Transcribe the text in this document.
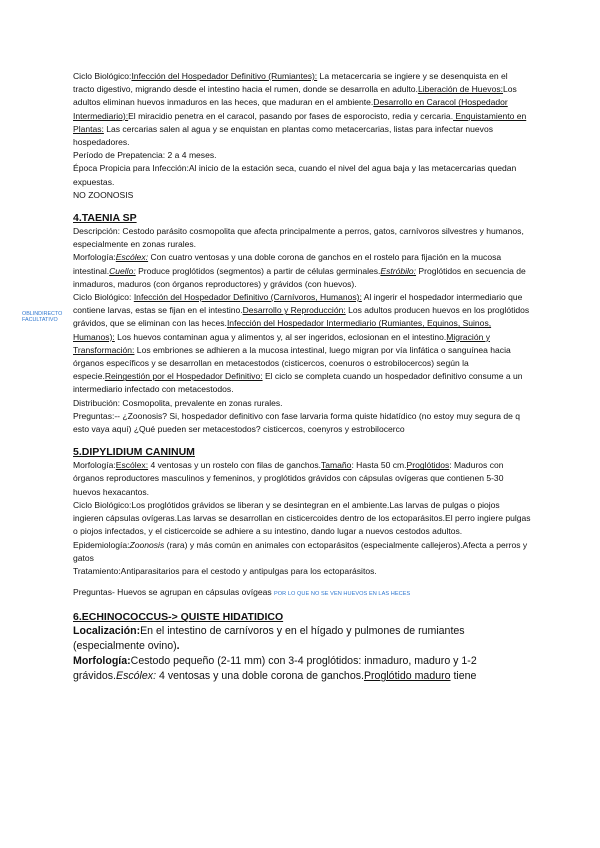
OBLINDIRECTO
FACULTATIVO

Ciclo Biológico:Infección del Hospedador Definitivo (Rumiantes): La metacercaria se ingiere y se desenquista en el tracto digestivo, migrando desde el intestino hacia el rumen, donde se desarrolla en adulto.Liberación de Huevos:Los adultos eliminan huevos inmaduros en las heces, que maduran en el ambiente.Desarrollo en Caracol (Hospedador Intermediario):El miracidio penetra en el caracol, pasando por fases de esporocisto, redia y cercaria. Enquistamiento en Plantas: Las cercarias salen al agua y se enquistan en plantas como metacercarias, listas para infectar nuevos hospedadores.

Período de Prepatencia: 2 a 4 meses.

Época Propicia para Infección:Al inicio de la estación seca, cuando el nivel del agua baja y las metacercarias quedan expuestas.

NO ZOONOSIS

4.TAENIA SP

Descripción: Cestodo parásito cosmopolita que afecta principalmente a perros, gatos, carnívoros silvestres y humanos, especialmente en zonas rurales.

Morfología:Escólex: Con cuatro ventosas y una doble corona de ganchos en el rostelo para fijación en la mucosa intestinal.Cuello: Produce proglótidos (segmentos) a partir de células germinales.Estróbilo: Proglótidos en secuencia de inmaduros, maduros (con órganos reproductores) y grávidos (con huevos).

Ciclo Biológico: Infección del Hospedador Definitivo (Carnívoros, Humanos): Al ingerir el hospedador intermediario que contiene larvas, estas se fijan en el intestino.Desarrollo y Reproducción: Los adultos producen huevos en los proglótidos grávidos, que se eliminan con las heces.Infección del Hospedador Intermediario (Rumiantes, Equinos, Suinos, Humanos): Los huevos contaminan agua y alimentos y, al ser ingeridos, eclosionan en el intestino.Migración y Transformación: Los embriones se adhieren a la mucosa intestinal, luego migran por vía linfática o sanguínea hacia órganos específicos y se desarrollan en metacestodos (cisticercos, coenuros o estrobilocercos) según la especie.Reingestión por el Hospedador Definitivo: El ciclo se completa cuando un hospedador definitivo consume a un intermediario infectado con metacestodos.

Distribución: Cosmopolita, prevalente en zonas rurales.

Preguntas:-- ¿Zoonosis? Si, hospedador definitivo con fase larvaria forma quiste hidatídico (no estoy muy segura de q esto vaya aquí) ¿Qué pueden ser metacestodos? cisticercos, coenyros y estrobilocerco

5.DIPYLIDIUM CANINUM

Morfología:Escólex: 4 ventosas y un rostelo con filas de ganchos.Tamaño: Hasta 50 cm.Proglótidos: Maduros con órganos reproductores masculinos y femeninos, y proglótidos grávidos con cápsulas ovígeras que contienen 5-30 huevos hexacantos.

Ciclo Biológico:Los proglótidos grávidos se liberan y se desintegran en el ambiente.Las larvas de pulgas o piojos ingieren cápsulas ovígeras.Las larvas se desarrollan en cisticercoides dentro de los ectoparásitos.El perro ingiere pulgas o piojos infectados, y el cisticercoide se adhiere a su intestino, dando lugar a nuevos cestodos adultos.

Epidemiología:Zoonosis (rara) y más común en animales con ectoparásitos (especialmente callejeros).Afecta a perros y gatos

Tratamiento:Antiparasitarios para el cestodo y antipulgas para los ectoparásitos.

Preguntas- Huevos se agrupan en cápsulas ovígeas POR LO QUE NO SE VEN HUEVOS EN LAS HECES

6.ECHINOCOCCUS-> QUISTE HIDATIDICO

Localización:En el intestino de carnívoros y en el hígado y pulmones de rumiantes (especialmente ovino).

Morfología:Cestodo pequeño (2-11 mm) con 3-4 proglótidos: inmaduro, maduro y 1-2 grávidos.Escólex: 4 ventosas y una doble corona de ganchos.Proglótido maduro tiene
